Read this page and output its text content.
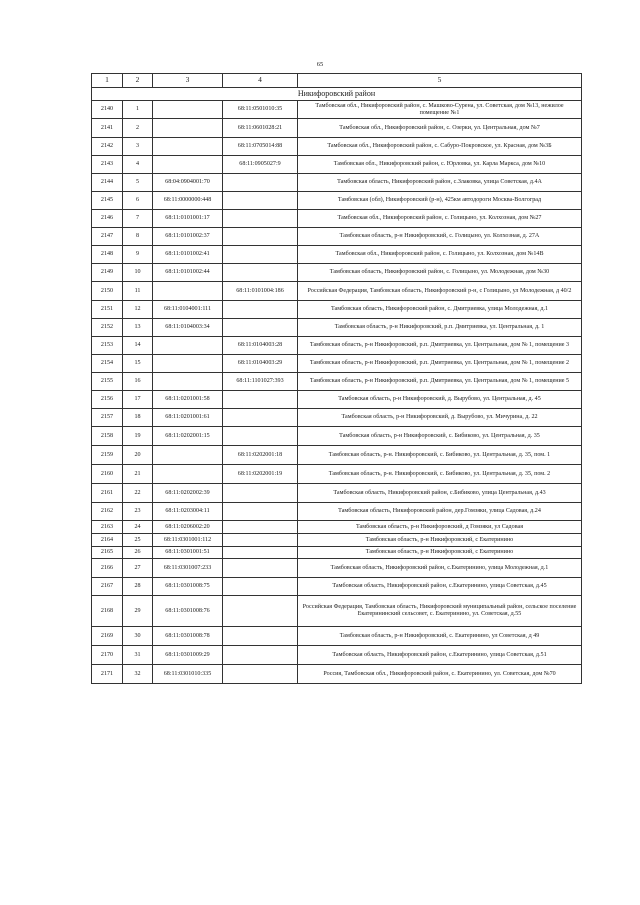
65
1	2	3	4	5
Никифоровский район				
2140	1		68:11:0501010:35	Тамбовская обл., Никифоровский район, с. Машково-Сурена, ул. Советская, дом №13, нежилое помещение №1
2141	2		68:11:0601028:21	Тамбовская обл., Никифоровский район, с. Озерки, ул. Центральная, дом №7
2142	3		68:11:0705014:88	Тамбовская обл., Никифоровский район, с. Сабуро-Покровское, ул. Красная, дом №3Б
2143	4		68:11:0905027:9	Тамбовская обл., Никифоровский район, с. Юрловка, ул. Карла Маркса, дом №10
2144	5	68:04:0904001:70		Тамбовская область, Никифоровский район, с.Злаковка, улица Советская, д.4А
2145	6	68:11:0000000:448		Тамбовская (обл), Никифоровский (р-н), 425км автодороги Москва-Волгоград
2146	7	68:11:0101001:17		Тамбовская обл., Никифоровский район, с. Голицыно, ул. Колхозная, дом №27
2147	8	68:11:0101002:37		Тамбовская область, р-н Никифоровский, с. Голицыно, ул. Колхозная, д. 27А
2148	9	68:11:0101002:41		Тамбовская обл., Никифоровский район, с. Голицыно, ул. Колхозная, дом №14В
2149	10	68:11:0101002:44		Тамбовская область, Никифоровский район, с. Голицыно, ул. Молодежная, дом №30
2150	11		68:11:0101004:186	Российская Федерация, Тамбовская область, Никифоровский р-н, с Голицыно, ул Молодежная, д 40/2
2151	12	68:11:0104001:111		Тамбовская область, Никифоровский район, с. Дмитриевка, улица Молодежная, д.1
2152	13	68:11:0104003:34		Тамбовская область, р-н Никифоровский, р.п. Дмитриевка, ул. Центральная, д. 1
2153	14		68:11:0104003:28	Тамбовская область, р-н Никифоровский, р.п. Дмитриевка, ул. Центральная, дом № 1, помещение 3
2154	15		68:11:0104003:29	Тамбовская область, р-н Никифоровский, р.п. Дмитриевка, ул. Центральная, дом № 1, помещение 2
2155	16		68:11:1101027:393	Тамбовская область, р-н Никифоровский, р.п. Дмитриевка, ул. Центральная, дом № 1, помещение 5
2156	17	68:11:0201001:58		Тамбовская область, р-н Никифоровский, д. Вырубово, ул. Центральная, д. 45
2157	18	68:11:0201001:61		Тамбовская область, р-н Никифоровский, д. Вырубово, ул. Мичурина, д. 22
2158	19	68:11:0202001:15		Тамбовская область, р-н Никифоровский, с. Бибиково, ул. Центральная, д. 35
2159	20		68:11:0202001:18	Тамбовская область, р-н. Никифоровский, с. Бибиково, ул. Центральная, д. 35, пом. 1
2160	21		68:11:0202001:19	Тамбовская область, р-н. Никифоровский, с. Бибиково, ул. Центральная, д. 35, пом. 2
2161	22	68:11:0202002:39		Тамбовская область, Никифоровский район, с.Бибиково, улица Центральная, д.43
2162	23	68:11:0203004:11		Тамбовская область, Никифоровский район, дер.Гомзяки, улица Садовая, д.24
2163	24	68:11:0206002:20		Тамбовская область, р-н Никифоровский, д Гомзяки, ул Садовая
2164	25	68:11:0301001:112		Тамбовская область, р-н Никифоровский, с Екатеринино
2165	26	68:11:0301001:51		Тамбовская область, р-н Никифоровский, с Екатеринино
2166	27	68:11:0301007:233		Тамбовская область, Никифоровский район, с.Екатеринино, улица Молодежная, д.1
2167	28	68:11:0301008:75		Тамбовская область, Никифоровский район, с.Екатеринино, улица Советская, д.45
2168	29	68:11:0301008:76		Российская Федерация, Тамбовская область, Никифоровский муниципальный район, сельское поселение Екатерининский сельсовет, с. Екатеринино, ул. Советская, д.55
2169	30	68:11:0301008:78		Тамбовская область, р-н Никифоровский, с. Екатеринино, ул Советская, д 49
2170	31	68:11:0301009:29		Тамбовская область, Никифоровский район, с.Екатеринино, улица Советская, д.51
2171	32	68:11:0301010:335		Россия, Тамбовская обл., Никифоровский район, с. Екатеринино, ул. Советская, дом №70
